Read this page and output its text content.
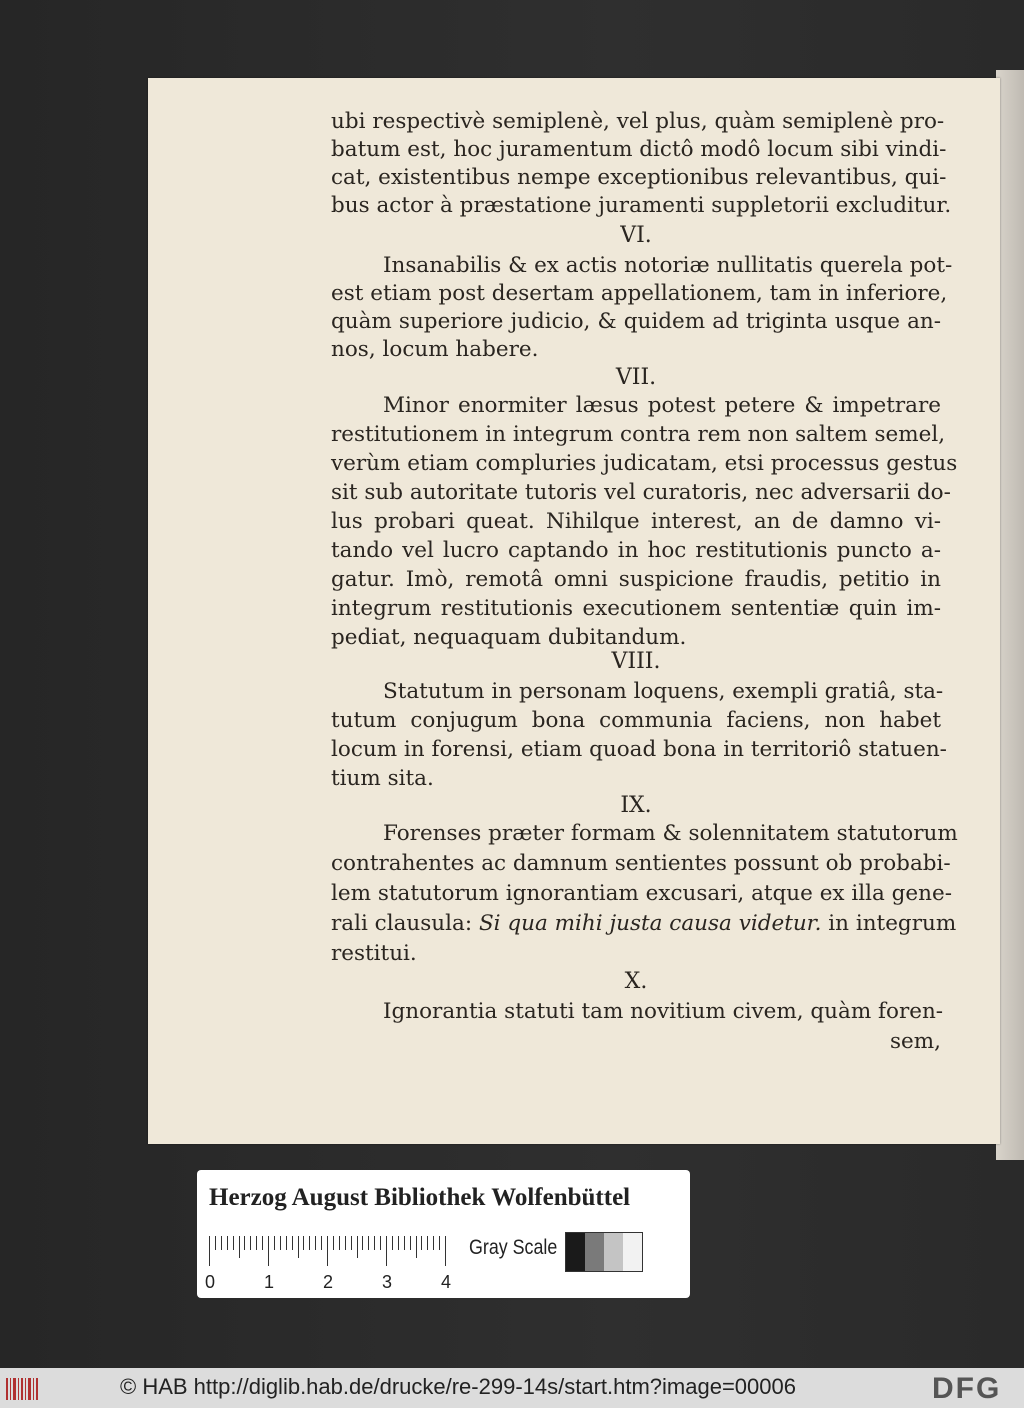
ubi respectivè semiplenè, vel plus, quàm semiplenè pro-
batum est, hoc juramentum dictô modô locum sibi vindi-
cat, existentibus nempe exceptionibus relevantibus, qui-
bus actor à præstatione juramenti suppletorii excluditur.
VI.
Insanabilis & ex actis notoriæ nullitatis querela pot-
est etiam post desertam appellationem, tam in inferiore,
quàm superiore judicio, & quidem ad triginta usque an-
nos, locum habere.
VII.
Minor enormiter læsus potest petere & impetrare
restitutionem in integrum contra rem non saltem semel,
verùm etiam compluries judicatam, etsi processus gestus
sit sub autoritate tutoris vel curatoris, nec adversarii do-
lus probari queat. Nihilque interest, an de damno vi-
tando vel lucro captando in hoc restitutionis puncto a-
gatur. Imò, remotâ omni suspicione fraudis, petitio in
integrum restitutionis executionem sententiæ quin im-
pediat, nequaquam dubitandum.
VIII.
Statutum in personam loquens, exempli gratiâ, sta-
tutum conjugum bona communia faciens, non habet
locum in forensi, etiam quoad bona in territoriô statuen-
tium sita.
IX.
Forenses præter formam & solennitatem statutorum
contrahentes ac damnum sentientes possunt ob probabi-
lem statutorum ignorantiam excusari, atque ex illa gene-
rali clausula: Si qua mihi justa causa videtur. in integrum
restitui.
X.
Ignorantia statuti tam novitium civem, quàm foren-
sem,
Herzog August Bibliothek Wolfenbüttel
0	1	2	3	4
Gray Scale
© HAB http://diglib.hab.de/drucke/re-299-14s/start.htm?image=00006	DFG
